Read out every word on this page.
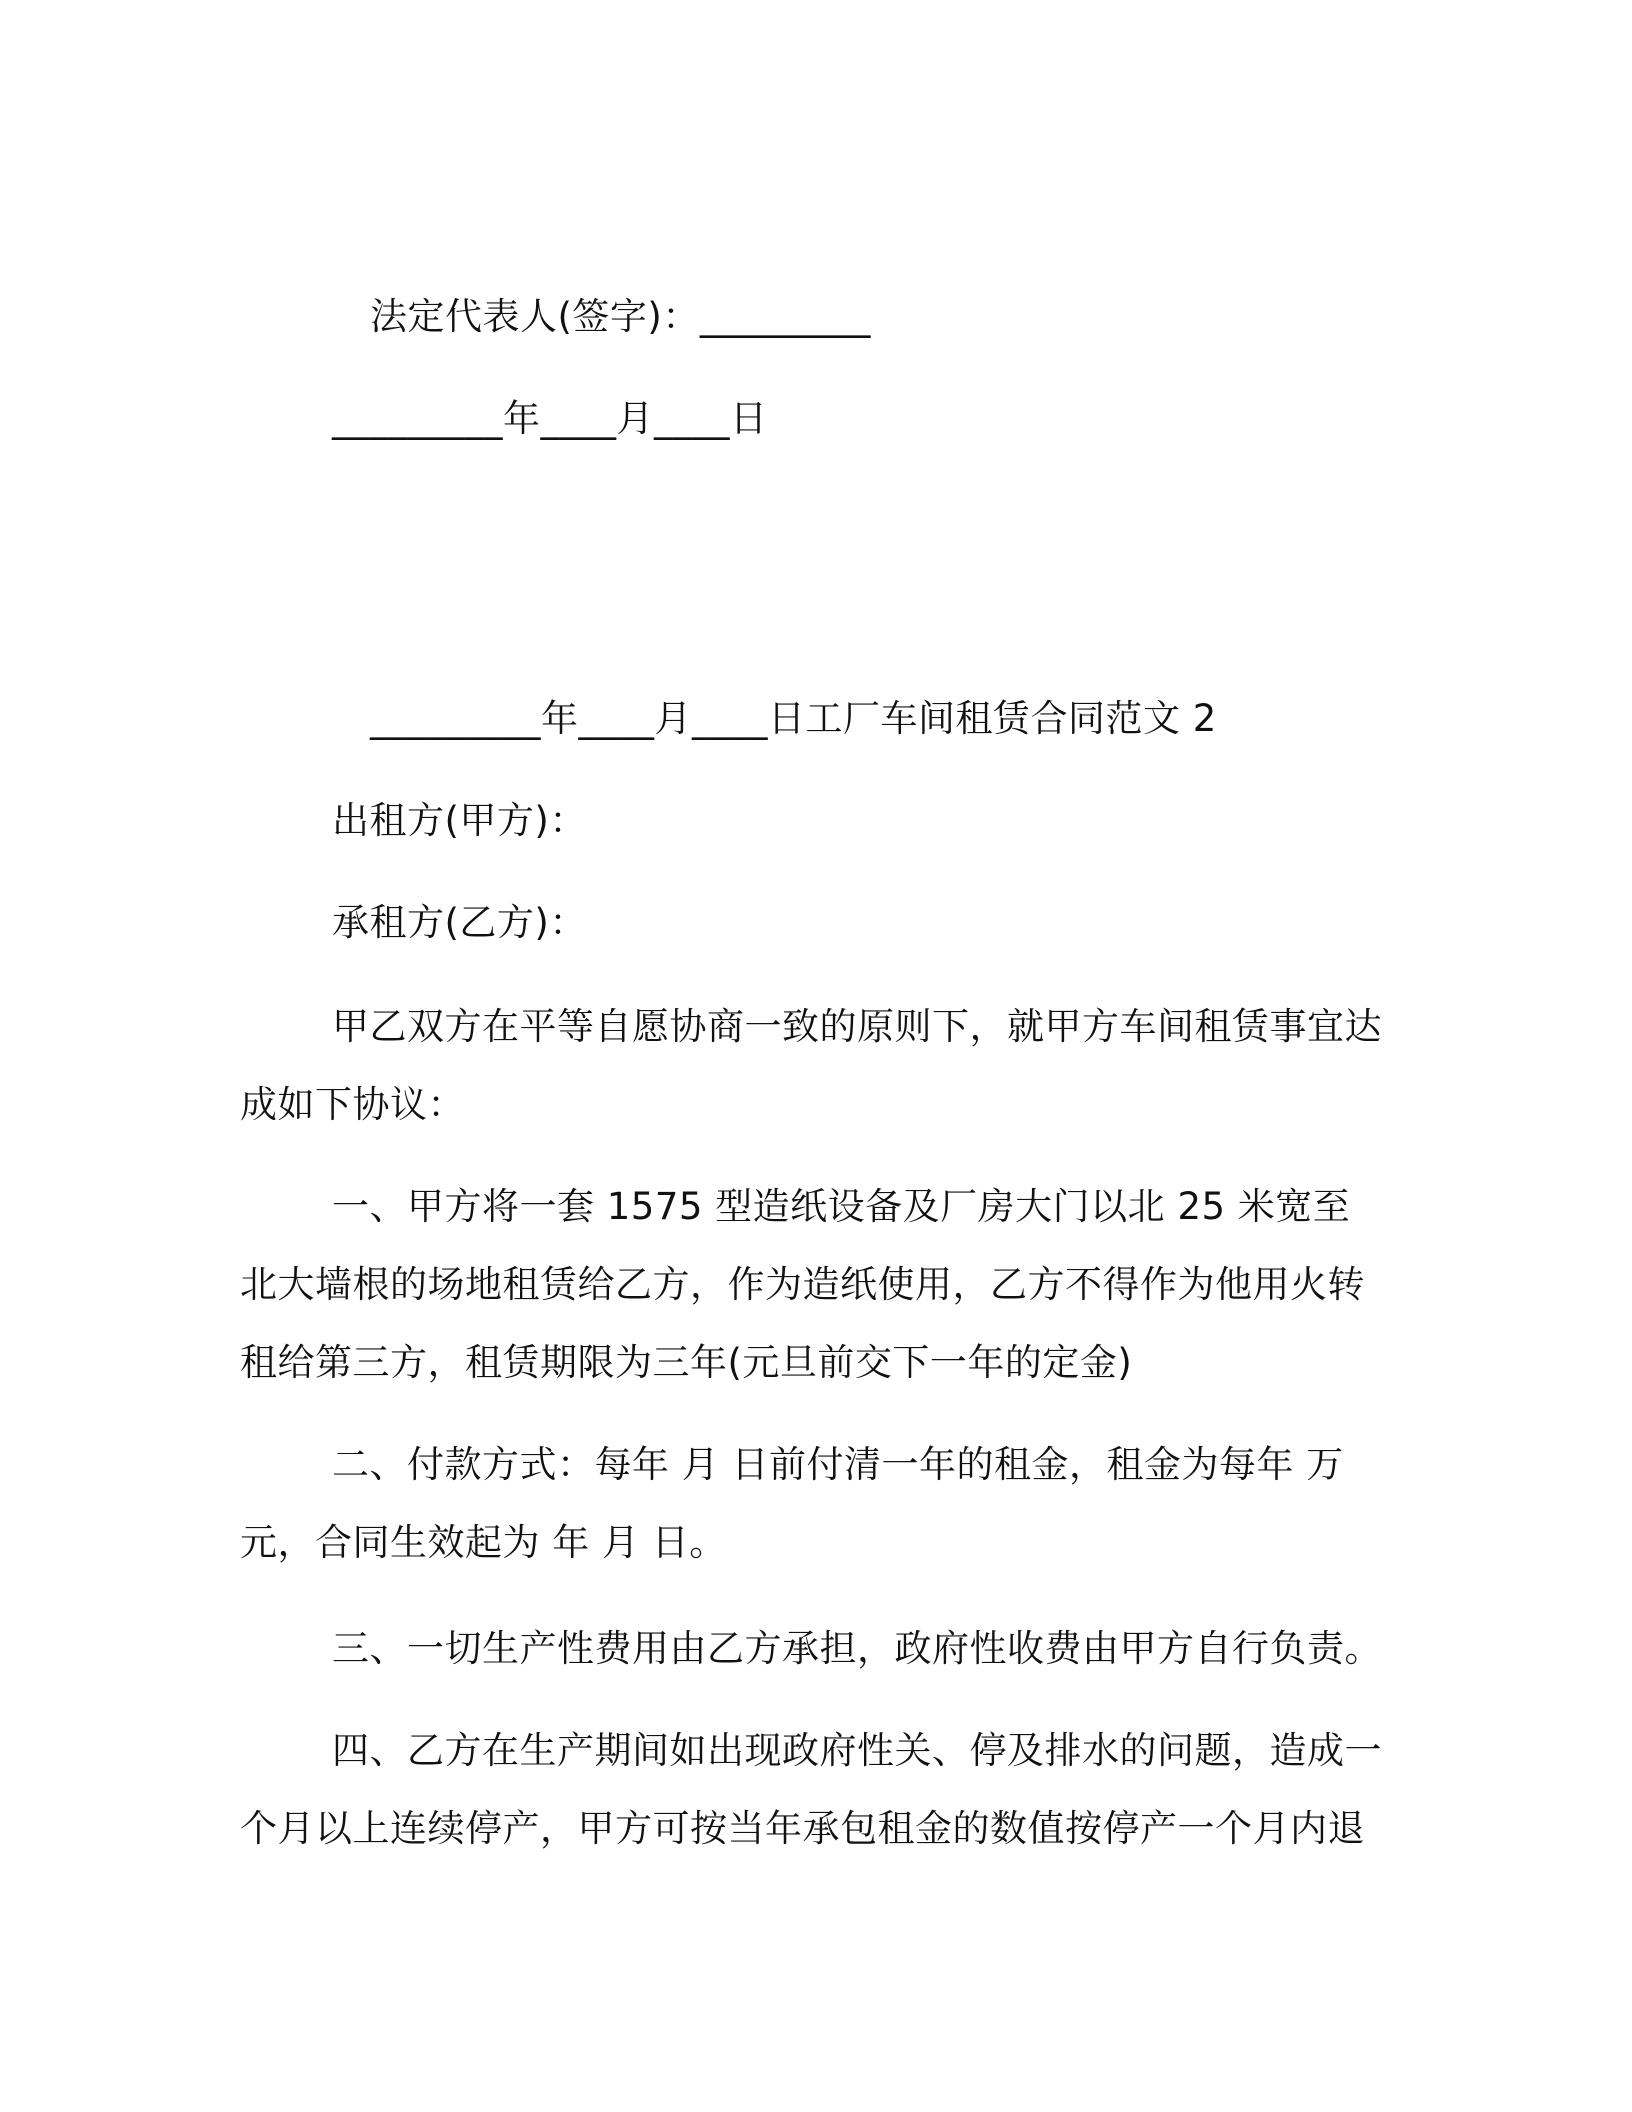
法定代表人(签字)：_________

_________年____月____日

_________年____月____日工厂车间租赁合同范文 2

出租方(甲方)：

承租方(乙方)：

甲乙双方在平等自愿协商一致的原则下，就甲方车间租赁事宜达成如下协议：

一、甲方将一套 1575 型造纸设备及厂房大门以北 25 米宽至北大墙根的场地租赁给乙方，作为造纸使用，乙方不得作为他用火转租给第三方，租赁期限为三年(元旦前交下一年的定金)

二、付款方式：每年 月 日前付清一年的租金，租金为每年 万元，合同生效起为 年 月 日。

三、一切生产性费用由乙方承担，政府性收费由甲方自行负责。

四、乙方在生产期间如出现政府性关、停及排水的问题，造成一个月以上连续停产，甲方可按当年承包租金的数值按停产一个月内退
